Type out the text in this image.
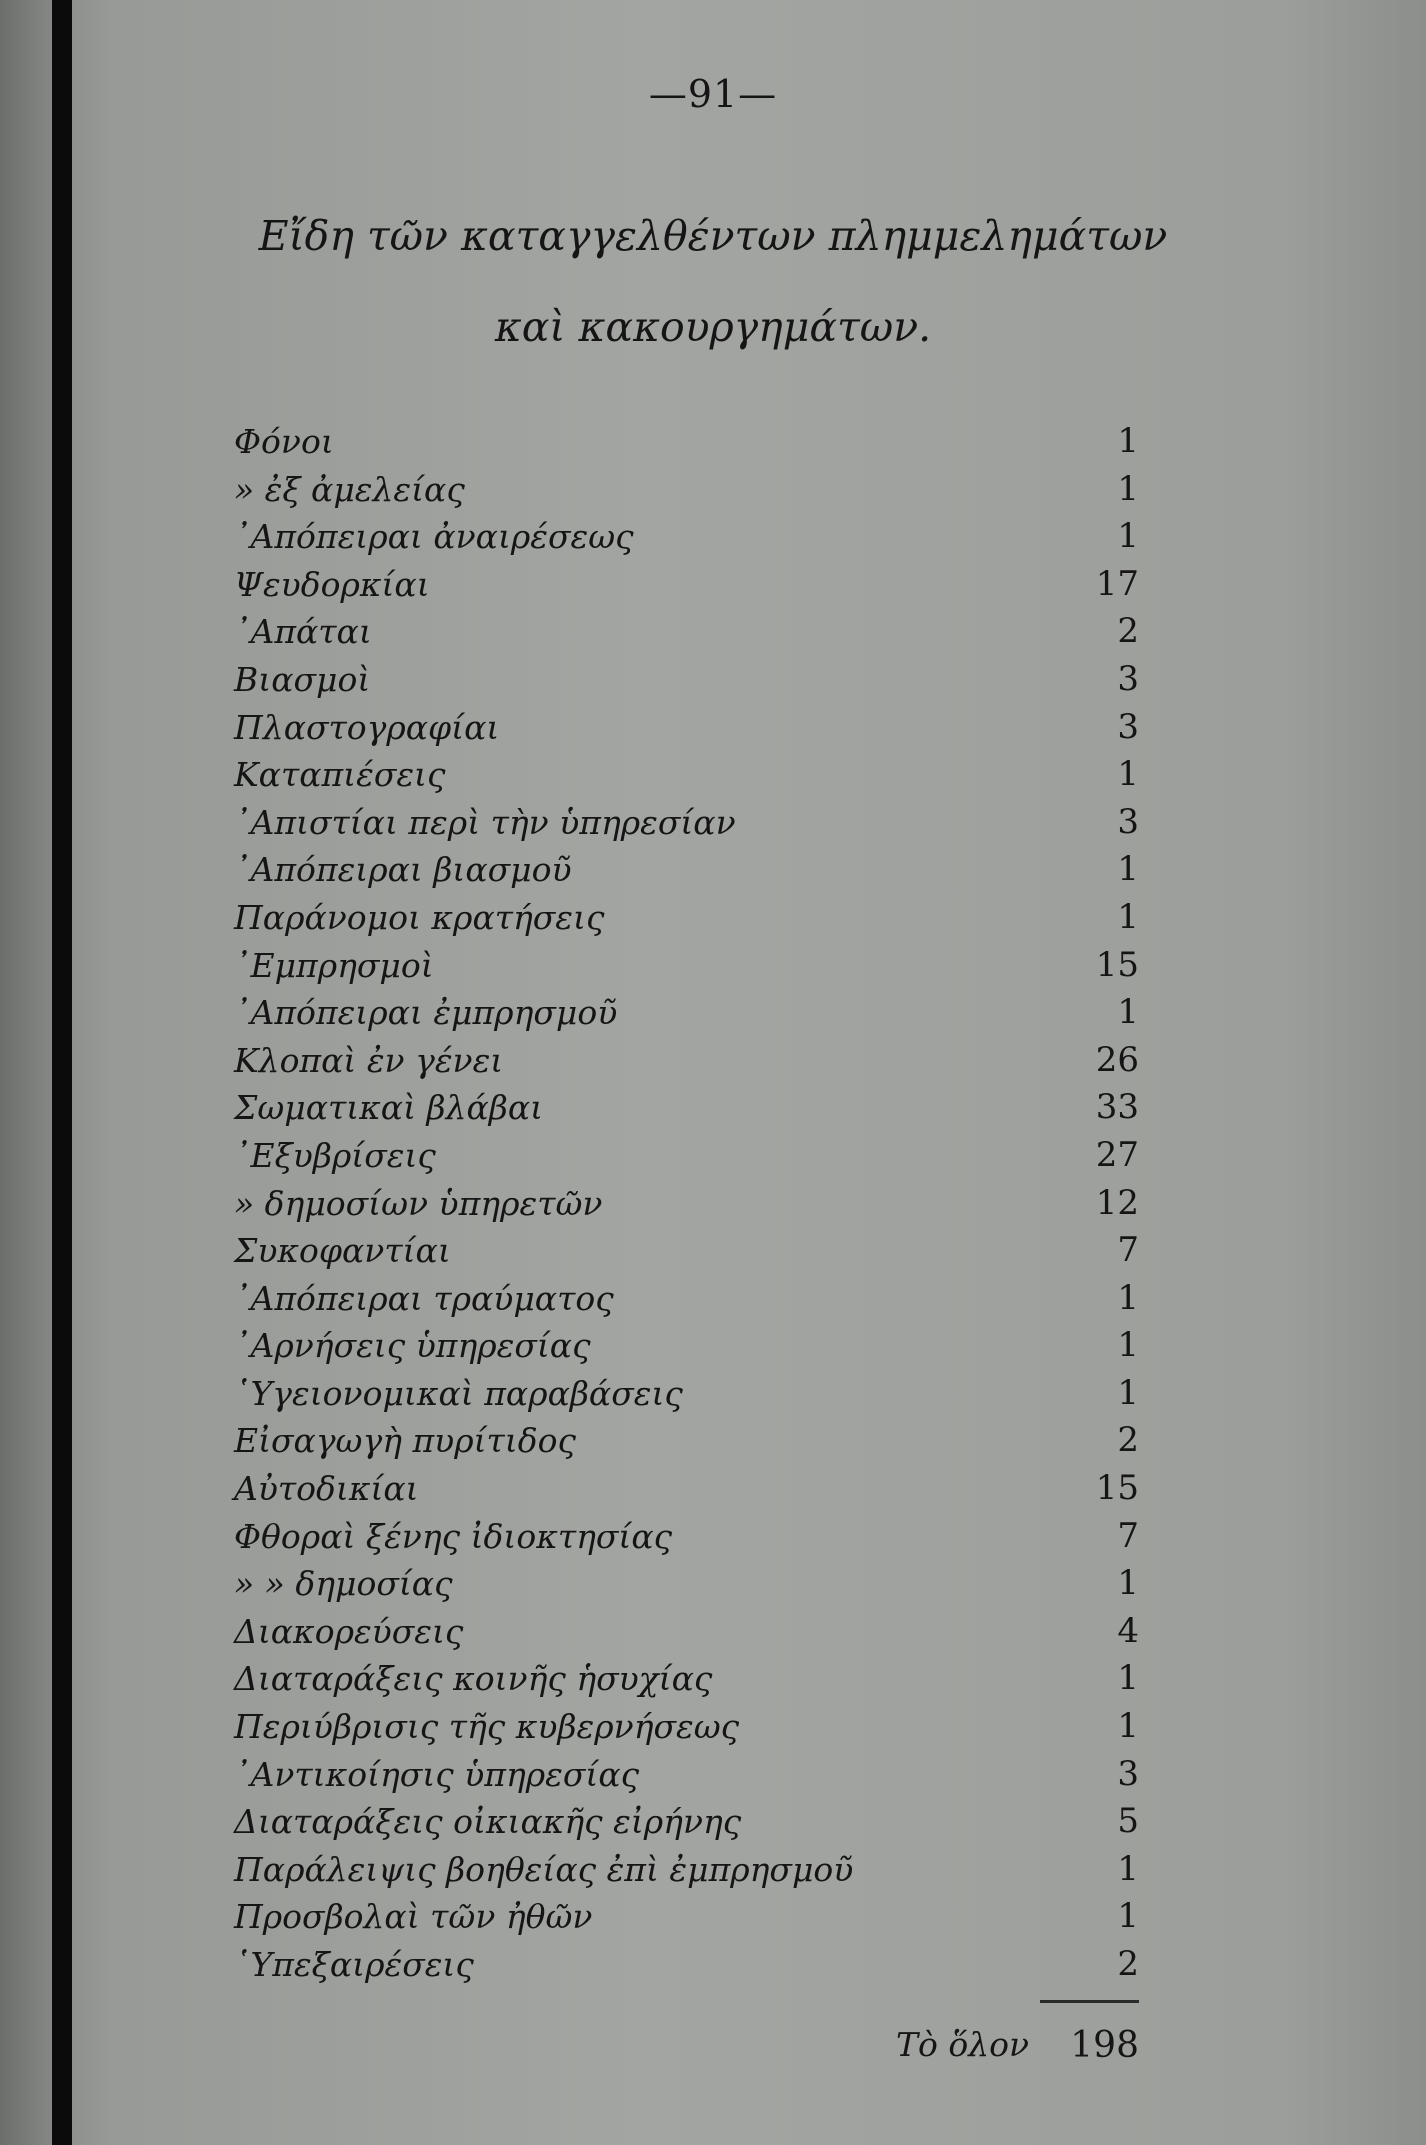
—91—
Εἴδη τῶν καταγγελθέντων πλημμελημάτων
καὶ κακουργημάτων.
Φόνοι	1
» ἐξ ἀμελείας	1
᾿Απόπειραι ἀναιρέσεως	1
Ψευδορκίαι	17
᾿Απάται	2
Βιασμοὶ	3
Πλαστογραφίαι	3
Καταπιέσεις	1
᾿Απιστίαι περὶ τὴν ὑπηρεσίαν	3
᾿Απόπειραι βιασμοῦ	1
Παράνομοι κρατήσεις	1
᾿Εμπρησμοὶ	15
᾿Απόπειραι ἐμπρησμοῦ	1
Κλοπαὶ ἐν γένει	26
Σωματικαὶ βλάβαι	33
᾿Εξυβρίσεις	27
» δημοσίων ὑπηρετῶν	12
Συκοφαντίαι	7
᾿Απόπειραι τραύματος	1
᾿Αρνήσεις ὑπηρεσίας	1
῾Υγειονομικαὶ παραβάσεις	1
Εἰσαγωγὴ πυρίτιδος	2
Αὐτοδικίαι	15
Φθοραὶ ξένης ἰδιοκτησίας	7
» » δημοσίας	1
Διακορεύσεις	4
Διαταράξεις κοινῆς ἡσυχίας	1
Περιύβρισις τῆς κυβερνήσεως	1
᾿Αντικοίησις ὑπηρεσίας	3
Διαταράξεις οἰκιακῆς εἰρήνης	5
Παράλειψις βοηθείας ἐπὶ ἐμπρησμοῦ	1
Προσβολαὶ τῶν ἠθῶν	1
῾Υπεξαιρέσεις	2
Τὸ ὅλον 198
